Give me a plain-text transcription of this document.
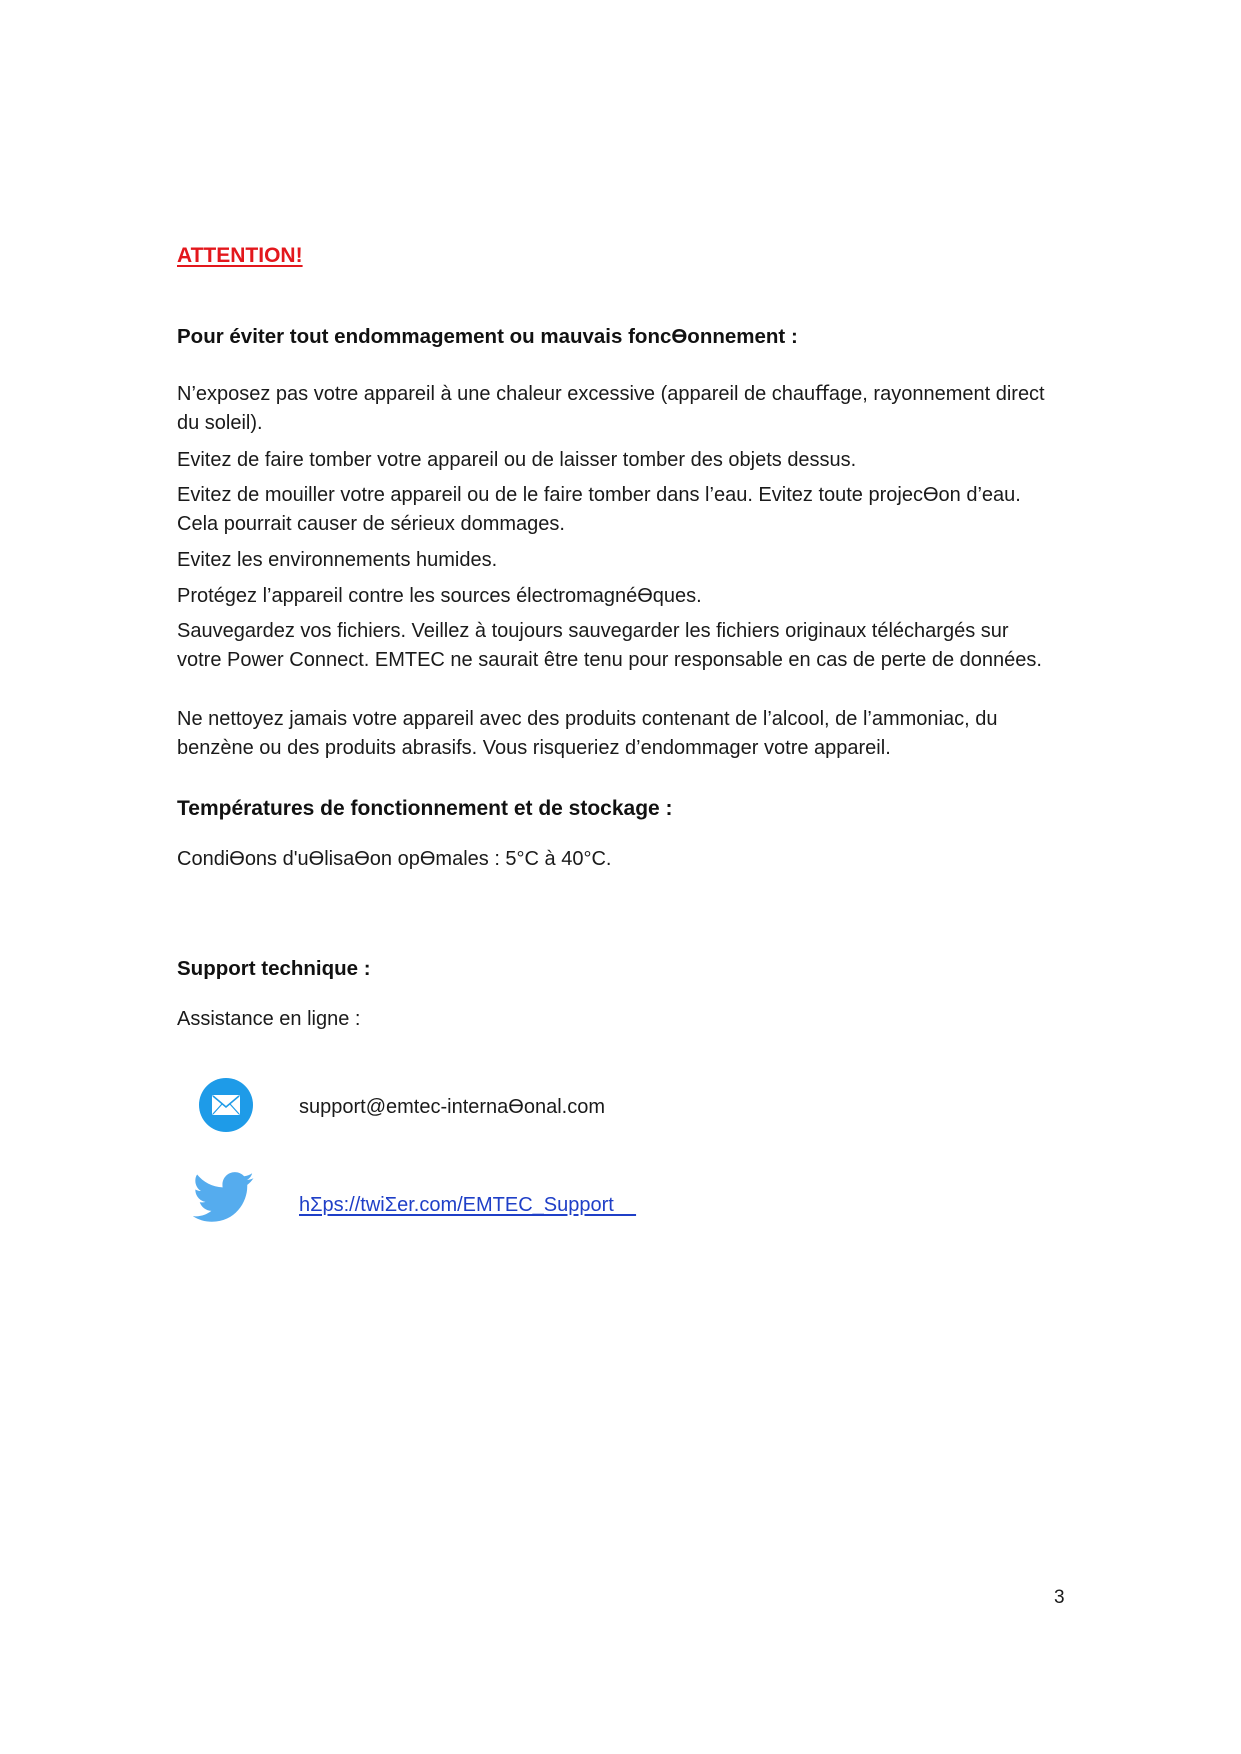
ATTENTION!
Pour éviter tout endommagement ou mauvais foncƟonnement :
N’exposez pas votre appareil à une chaleur excessive (appareil de chauﬀage, rayonnement direct du soleil).
Evitez de faire tomber votre appareil ou de laisser tomber des objets dessus.
Evitez de mouiller votre appareil ou de le faire tomber dans l’eau. Evitez toute projecƟon d’eau. Cela pourrait causer de sérieux dommages.
Evitez les environnements humides.
Protégez l’appareil contre les sources électromagnéƟques.
Sauvegardez vos ﬁchiers. Veillez à toujours sauvegarder les ﬁchiers originaux téléchargés sur votre Power Connect. EMTEC ne saurait être tenu pour responsable en cas de perte de données.
Ne nettoyez jamais votre appareil avec des produits contenant de l’alcool, de l’ammoniac, du benzène ou des produits abrasifs. Vous risqueriez d’endommager votre appareil.
Températures de fonctionnement et de stockage :
CondiƟons d'uƟlisaƟon opƟmales : 5°C à 40°C.
Support technique :
Assistance en ligne :
support@emtec-internaƟonal.com
hƩps://twiƩer.com/EMTEC_Support
3
